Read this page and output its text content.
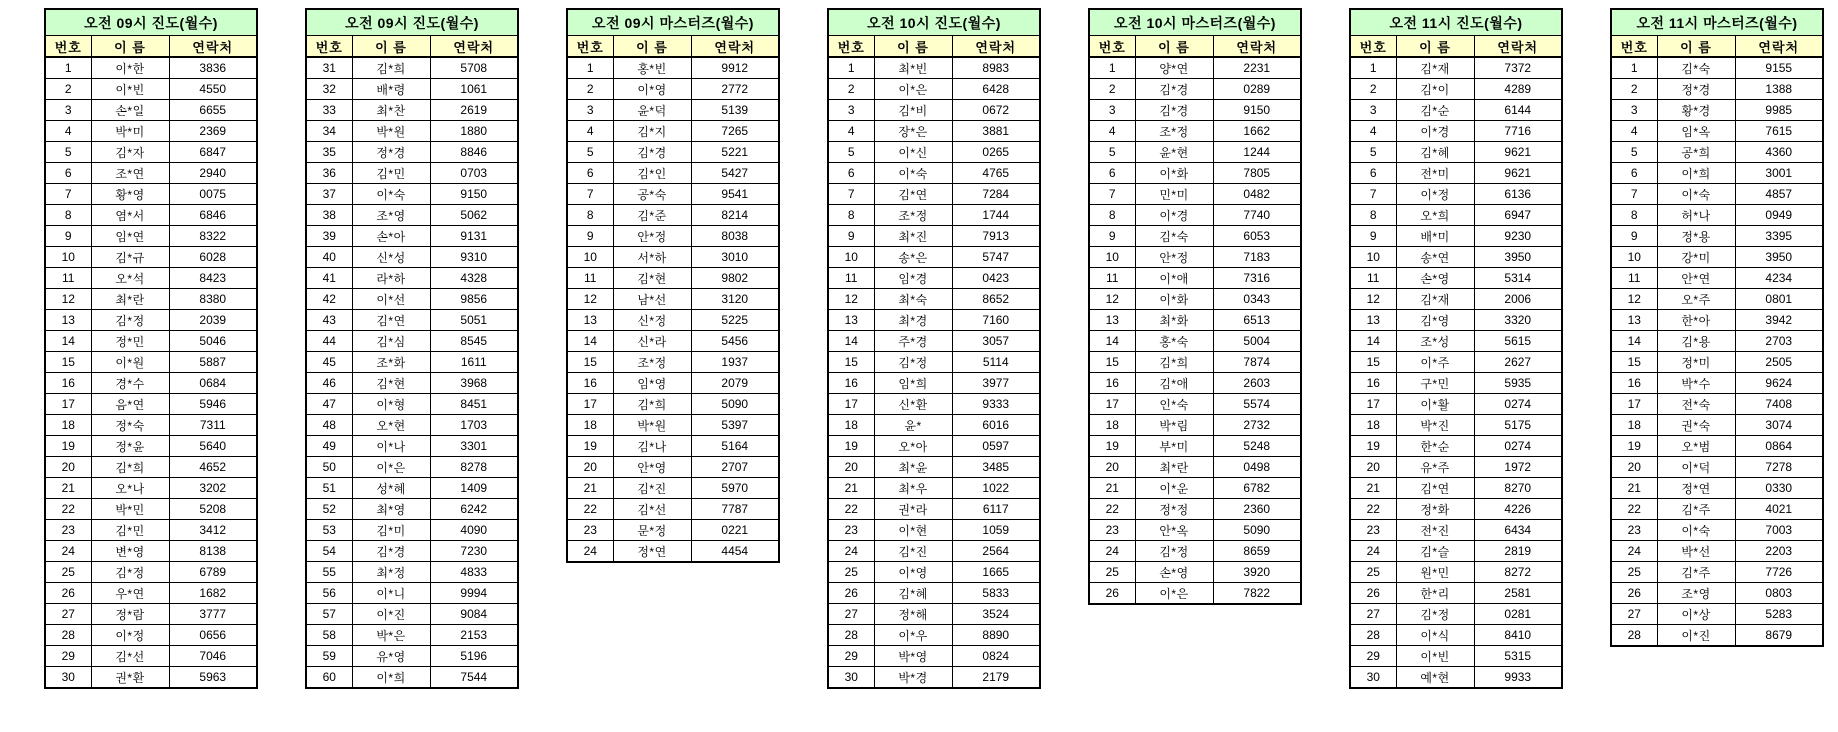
오전 09시 진도(월수)		
번호	이 름	연락처
1	이*한	3836
2	이*빈	4550
3	손*일	6655
4	박*미	2369
5	김*자	6847
6	조*연	2940
7	황*영	0075
8	염*서	6846
9	임*연	8322
10	김*규	6028
11	오*석	8423
12	최*란	8380
13	김*정	2039
14	정*민	5046
15	이*원	5887
16	경*수	0684
17	음*연	5946
18	정*숙	7311
19	정*윤	5640
20	김*희	4652
21	오*나	3202
22	박*민	5208
23	김*민	3412
24	변*영	8138
25	김*정	6789
26	우*연	1682
27	정*람	3777
28	이*정	0656
29	김*선	7046
30	권*환	5963
오전 09시 진도(월수)		
번호	이 름	연락처
31	김*희	5708
32	배*령	1061
33	최*찬	2619
34	박*원	1880
35	정*경	8846
36	김*민	0703
37	이*숙	9150
38	조*영	5062
39	손*아	9131
40	신*성	9310
41	라*하	4328
42	이*선	9856
43	김*연	5051
44	김*심	8545
45	조*화	1611
46	김*현	3968
47	이*형	8451
48	오*현	1703
49	이*나	3301
50	이*은	8278
51	성*혜	1409
52	최*영	6242
53	김*미	4090
54	김*경	7230
55	최*정	4833
56	이*니	9994
57	이*진	9084
58	박*은	2153
59	유*영	5196
60	이*희	7544
오전 09시 마스터즈(월수)		
번호	이 름	연락처
1	홍*빈	9912
2	이*영	2772
3	윤*덕	5139
4	김*지	7265
5	김*경	5221
6	김*인	5427
7	공*숙	9541
8	김*준	8214
9	안*정	8038
10	서*하	3010
11	김*현	9802
12	남*선	3120
13	신*정	5225
14	신*라	5456
15	조*정	1937
16	임*영	2079
17	김*희	5090
18	박*원	5397
19	김*나	5164
20	안*영	2707
21	김*진	5970
22	김*선	7787
23	문*정	0221
24	정*연	4454
오전 10시 진도(월수)		
번호	이 름	연락처
1	최*빈	8983
2	이*은	6428
3	김*비	0672
4	장*은	3881
5	이*신	0265
6	이*숙	4765
7	김*연	7284
8	조*정	1744
9	최*진	7913
10	송*은	5747
11	임*경	0423
12	최*숙	8652
13	최*경	7160
14	주*경	3057
15	김*정	5114
16	임*희	3977
17	신*환	9333
18	윤*	6016
19	오*아	0597
20	최*윤	3485
21	최*우	1022
22	권*라	6117
23	이*현	1059
24	김*진	2564
25	이*영	1665
26	김*혜	5833
27	정*해	3524
28	이*우	8890
29	박*영	0824
30	박*경	2179
오전 10시 마스터즈(월수)		
번호	이 름	연락처
1	양*연	2231
2	김*경	0289
3	김*경	9150
4	조*정	1662
5	윤*현	1244
6	이*화	7805
7	민*미	0482
8	이*경	7740
9	김*숙	6053
10	안*정	7183
11	이*애	7316
12	이*화	0343
13	최*화	6513
14	홍*숙	5004
15	김*희	7874
16	김*애	2603
17	인*숙	5574
18	박*림	2732
19	부*미	5248
20	최*란	0498
21	이*운	6782
22	정*정	2360
23	안*옥	5090
24	김*정	8659
25	손*영	3920
26	이*은	7822
오전 11시 진도(월수)		
번호	이 름	연락처
1	김*재	7372
2	김*이	4289
3	김*순	6144
4	이*경	7716
5	김*혜	9621
6	전*미	9621
7	이*정	6136
8	오*희	6947
9	배*미	9230
10	송*연	3950
11	손*영	5314
12	김*재	2006
13	김*영	3320
14	조*성	5615
15	이*주	2627
16	구*민	5935
17	이*활	0274
18	박*진	5175
19	한*순	0274
20	유*주	1972
21	김*연	8270
22	정*화	4226
23	전*진	6434
24	김*슬	2819
25	원*민	8272
26	한*리	2581
27	김*정	0281
28	이*식	8410
29	이*빈	5315
30	예*현	9933
오전 11시 마스터즈(월수)		
번호	이 름	연락처
1	김*숙	9155
2	정*경	1388
3	황*경	9985
4	임*옥	7615
5	공*희	4360
6	이*희	3001
7	이*숙	4857
8	허*나	0949
9	정*용	3395
10	강*미	3950
11	안*연	4234
12	오*주	0801
13	한*아	3942
14	김*용	2703
15	정*미	2505
16	박*수	9624
17	전*숙	7408
18	권*숙	3074
19	오*범	0864
20	이*덕	7278
21	정*연	0330
22	김*주	4021
23	이*숙	7003
24	박*선	2203
25	김*주	7726
26	조*영	0803
27	이*상	5283
28	이*진	8679
